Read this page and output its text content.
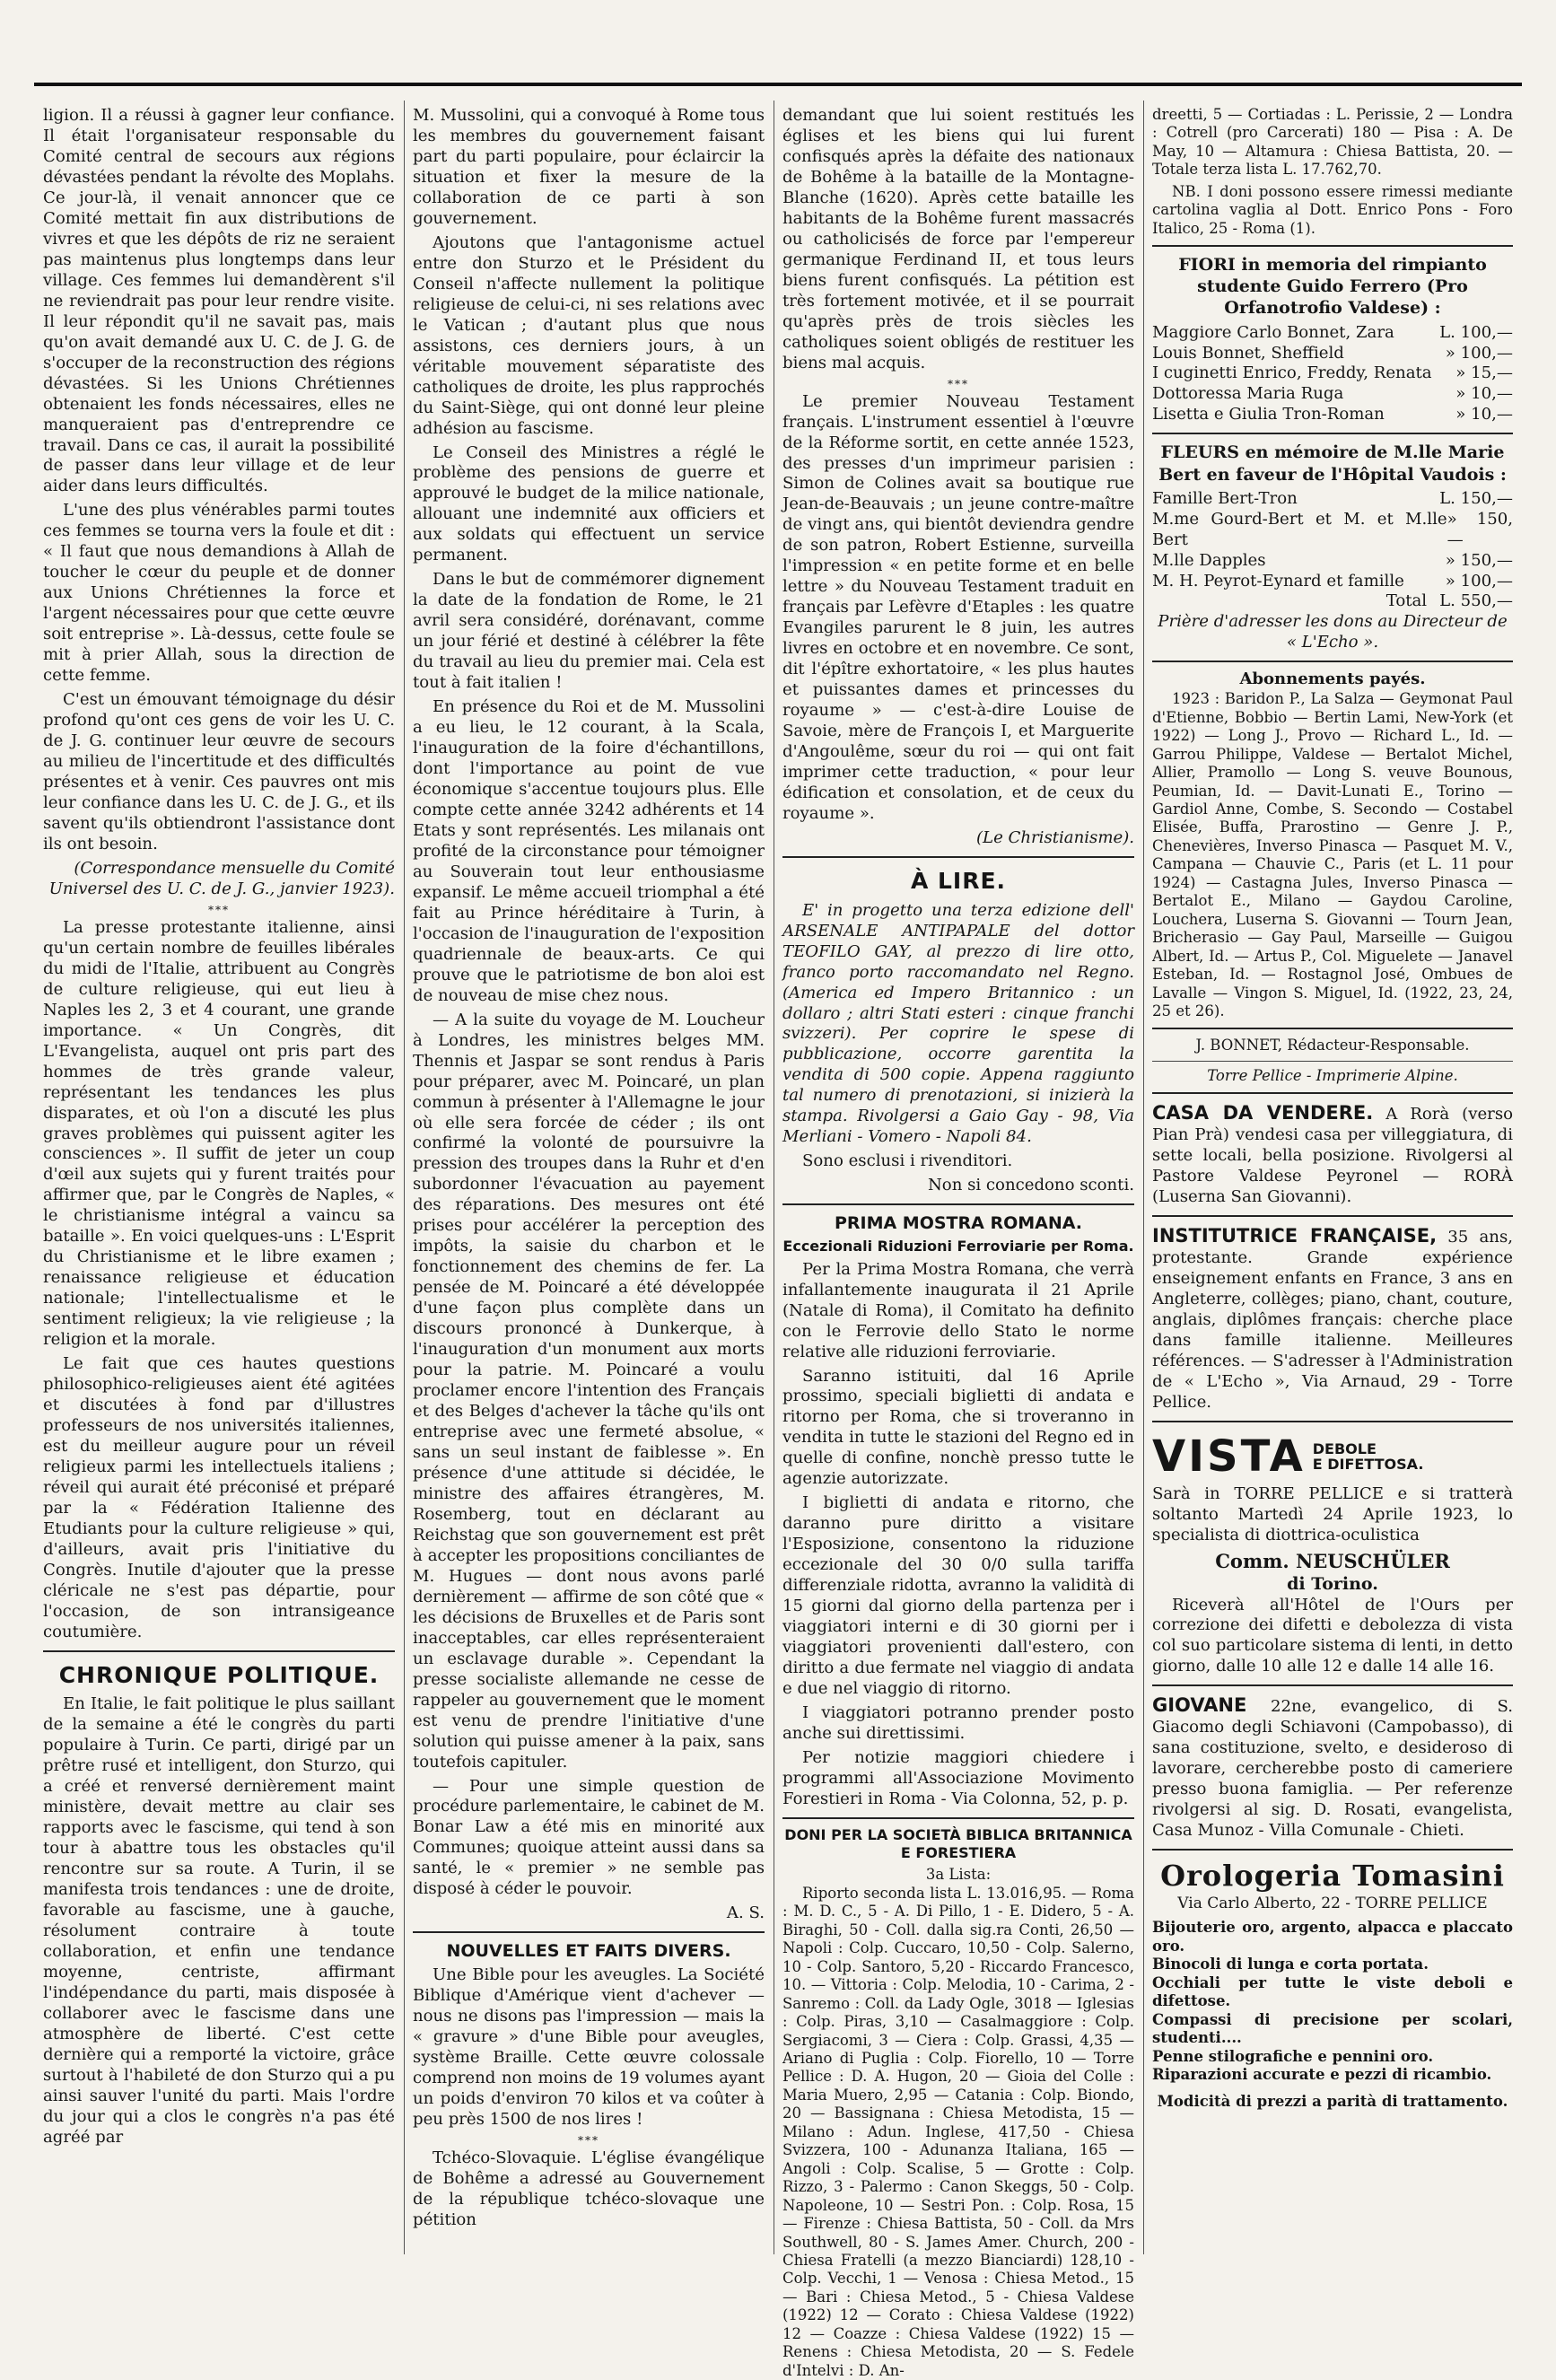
ligion. Il a réussi à gagner leur confiance. Il était l'organisateur responsable du Comité central de secours aux régions dévastées pendant la révolte des Moplahs. Ce jour-là, il venait annoncer que ce Comité mettait fin aux distributions de vivres et que les dépôts de riz ne seraient pas maintenus plus longtemps dans leur village. Ces femmes lui demandèrent s'il ne reviendrait pas pour leur rendre visite. Il leur répondit qu'il ne savait pas, mais qu'on avait demandé aux U. C. de J. G. de s'occuper de la reconstruction des régions dévastées. Si les Unions Chrétiennes obtenaient les fonds nécessaires, elles ne manqueraient pas d'entreprendre ce travail. Dans ce cas, il aurait la possibilité de passer dans leur village et de leur aider dans leurs difficultés.

L'une des plus vénérables parmi toutes ces femmes se tourna vers la foule et dit : « Il faut que nous demandions à Allah de toucher le cœur du peuple et de donner aux Unions Chrétiennes la force et l'argent nécessaires pour que cette œuvre soit entreprise ». Là-dessus, cette foule se mit à prier Allah, sous la direction de cette femme.

C'est un émouvant témoignage du désir profond qu'ont ces gens de voir les U. C. de J. G. continuer leur œuvre de secours au milieu de l'incertitude et des difficultés présentes et à venir. Ces pauvres ont mis leur confiance dans les U. C. de J. G., et ils savent qu'ils obtiendront l'assistance dont ils ont besoin.

(Correspondance mensuelle du Comité Universel des U. C. de J. G., janvier 1923).

***

La presse protestante italienne, ainsi qu'un certain nombre de feuilles libérales du midi de l'Italie, attribuent au Congrès de culture religieuse, qui eut lieu à Naples les 2, 3 et 4 courant, une grande importance. « Un Congrès, dit L'Evangelista, auquel ont pris part des hommes de très grande valeur, représentant les tendances les plus disparates, et où l'on a discuté les plus graves problèmes qui puissent agiter les consciences ». Il suffit de jeter un coup d'œil aux sujets qui y furent traités pour affirmer que, par le Congrès de Naples, « le christianisme intégral a vaincu sa bataille ». En voici quelques-uns : L'Esprit du Christianisme et le libre examen ; renaissance religieuse et éducation nationale; l'intellectualisme et le sentiment religieux; la vie religieuse ; la religion et la morale.

Le fait que ces hautes questions philosophico-religieuses aient été agitées et discutées à fond par d'illustres professeurs de nos universités italiennes, est du meilleur augure pour un réveil religieux parmi les intellectuels italiens ; réveil qui aurait été préconisé et préparé par la « Fédération Italienne des Etudiants pour la culture religieuse » qui, d'ailleurs, avait pris l'initiative du Congrès. Inutile d'ajouter que la presse cléricale ne s'est pas départie, pour l'occasion, de son intransigeance coutumière.

CHRONIQUE POLITIQUE.

En Italie, le fait politique le plus saillant de la semaine a été le congrès du parti populaire à Turin. Ce parti, dirigé par un prêtre rusé et intelligent, don Sturzo, qui a créé et renversé dernièrement maint ministère, devait mettre au clair ses rapports avec le fascisme, qui tend à son tour à abattre tous les obstacles qu'il rencontre sur sa route. A Turin, il se manifesta trois tendances : une de droite, favorable au fascisme, une à gauche, résolument contraire à toute collaboration, et enfin une tendance moyenne, centriste, affirmant l'indépendance du parti, mais disposée à collaborer avec le fascisme dans une atmosphère de liberté. C'est cette dernière qui a remporté la victoire, grâce surtout à l'habileté de don Sturzo qui a pu ainsi sauver l'unité du parti. Mais l'ordre du jour qui a clos le congrès n'a pas été agréé par

M. Mussolini, qui a convoqué à Rome tous les membres du gouvernement faisant part du parti populaire, pour éclaircir la situation et fixer la mesure de la collaboration de ce parti à son gouvernement.

Ajoutons que l'antagonisme actuel entre don Sturzo et le Président du Conseil n'affecte nullement la politique religieuse de celui-ci, ni ses relations avec le Vatican ; d'autant plus que nous assistons, ces derniers jours, à un véritable mouvement séparatiste des catholiques de droite, les plus rapprochés du Saint-Siège, qui ont donné leur pleine adhésion au fascisme.

Le Conseil des Ministres a réglé le problème des pensions de guerre et approuvé le budget de la milice nationale, allouant une indemnité aux officiers et aux soldats qui effectuent un service permanent.

Dans le but de commémorer dignement la date de la fondation de Rome, le 21 avril sera considéré, dorénavant, comme un jour férié et destiné à célébrer la fête du travail au lieu du premier mai. Cela est tout à fait italien !

En présence du Roi et de M. Mussolini a eu lieu, le 12 courant, à la Scala, l'inauguration de la foire d'échantillons, dont l'importance au point de vue économique s'accentue toujours plus. Elle compte cette année 3242 adhérents et 14 Etats y sont représentés. Les milanais ont profité de la circonstance pour témoigner au Souverain tout leur enthousiasme expansif. Le même accueil triomphal a été fait au Prince héréditaire à Turin, à l'occasion de l'inauguration de l'exposition quadriennale de beaux-arts. Ce qui prouve que le patriotisme de bon aloi est de nouveau de mise chez nous.

— A la suite du voyage de M. Loucheur à Londres, les ministres belges MM. Thennis et Jaspar se sont rendus à Paris pour préparer, avec M. Poincaré, un plan commun à présenter à l'Allemagne le jour où elle sera forcée de céder ; ils ont confirmé la volonté de poursuivre la pression des troupes dans la Ruhr et d'en subordonner l'évacuation au payement des réparations. Des mesures ont été prises pour accélérer la perception des impôts, la saisie du charbon et le fonctionnement des chemins de fer. La pensée de M. Poincaré a été développée d'une façon plus complète dans un discours prononcé à Dunkerque, à l'inauguration d'un monument aux morts pour la patrie. M. Poincaré a voulu proclamer encore l'intention des Français et des Belges d'achever la tâche qu'ils ont entreprise avec une fermeté absolue, « sans un seul instant de faiblesse ». En présence d'une attitude si décidée, le ministre des affaires étrangères, M. Rosemberg, tout en déclarant au Reichstag que son gouvernement est prêt à accepter les propositions conciliantes de M. Hugues — dont nous avons parlé dernièrement — affirme de son côté que « les décisions de Bruxelles et de Paris sont inacceptables, car elles représenteraient un esclavage durable ». Cependant la presse socialiste allemande ne cesse de rappeler au gouvernement que le moment est venu de prendre l'initiative d'une solution qui puisse amener à la paix, sans toutefois capituler.

— Pour une simple question de procédure parlementaire, le cabinet de M. Bonar Law a été mis en minorité aux Communes; quoique atteint aussi dans sa santé, le « premier » ne semble pas disposé à céder le pouvoir.

A. S.

NOUVELLES ET FAITS DIVERS.

Une Bible pour les aveugles. La Société Biblique d'Amérique vient d'achever — nous ne disons pas l'impression — mais la « gravure » d'une Bible pour aveugles, système Braille. Cette œuvre colossale comprend non moins de 19 volumes ayant un poids d'environ 70 kilos et va coûter à peu près 1500 de nos lires !

***

Tchéco-Slovaquie. L'église évangélique de Bohême a adressé au Gouvernement de la république tchéco-slovaque une pétition

demandant que lui soient restitués les églises et les biens qui lui furent confisqués après la défaite des nationaux de Bohême à la bataille de la Montagne-Blanche (1620). Après cette bataille les habitants de la Bohême furent massacrés ou catholicisés de force par l'empereur germanique Ferdinand II, et tous leurs biens furent confisqués. La pétition est très fortement motivée, et il se pourrait qu'après près de trois siècles les catholiques soient obligés de restituer les biens mal acquis.

***

Le premier Nouveau Testament français. L'instrument essentiel à l'œuvre de la Réforme sortit, en cette année 1523, des presses d'un imprimeur parisien : Simon de Colines avait sa boutique rue Jean-de-Beauvais ; un jeune contre-maître de vingt ans, qui bientôt deviendra gendre de son patron, Robert Estienne, surveilla l'impression « en petite forme et en belle lettre » du Nouveau Testament traduit en français par Lefèvre d'Etaples : les quatre Evangiles parurent le 8 juin, les autres livres en octobre et en novembre. Ce sont, dit l'épître exhortatoire, « les plus hautes et puissantes dames et princesses du royaume » — c'est-à-dire Louise de Savoie, mère de François I, et Marguerite d'Angoulême, sœur du roi — qui ont fait imprimer cette traduction, « pour leur édification et consolation, et de ceux du royaume ».

(Le Christianisme).

À LIRE.

E' in progetto una terza edizione dell' ARSENALE ANTIPAPALE del dottor TEOFILO GAY, al prezzo di lire otto, franco porto raccomandato nel Regno. (America ed Impero Britannico : un dollaro ; altri Stati esteri : cinque franchi svizzeri). Per coprire le spese di pubblicazione, occorre garentita la vendita di 500 copie. Appena raggiunto tal numero di prenotazioni, si inizierà la stampa. Rivolgersi a Gaio Gay - 98, Via Merliani - Vomero - Napoli 84.

Sono esclusi i rivenditori.

Non si concedono sconti.

PRIMA MOSTRA ROMANA.
Eccezionali Riduzioni Ferroviarie per Roma.

Per la Prima Mostra Romana, che verrà infallantemente inaugurata il 21 Aprile (Natale di Roma), il Comitato ha definito con le Ferrovie dello Stato le norme relative alle riduzioni ferroviarie.

Saranno istituiti, dal 16 Aprile prossimo, speciali biglietti di andata e ritorno per Roma, che si troveranno in vendita in tutte le stazioni del Regno ed in quelle di confine, nonchè presso tutte le agenzie autorizzate.

I biglietti di andata e ritorno, che daranno pure diritto a visitare l'Esposizione, consentono la riduzione eccezionale del 30 0/0 sulla tariffa differenziale ridotta, avranno la validità di 15 giorni dal giorno della partenza per i viaggiatori interni e di 30 giorni per i viaggiatori provenienti dall'estero, con diritto a due fermate nel viaggio di andata e due nel viaggio di ritorno.

I viaggiatori potranno prender posto anche sui direttissimi.

Per notizie maggiori chiedere i programmi all'Associazione Movimento Forestieri in Roma - Via Colonna, 52, p. p.

DONI PER LA SOCIETÀ BIBLICA BRITANNICA E FORESTIERA
3a Lista:

Riporto seconda lista L. 13.016,95. — Roma : M. D. C., 5 - A. Di Pillo, 1 - E. Didero, 5 - A. Biraghi, 50 - Coll. dalla sig.ra Conti, 26,50 — Napoli : Colp. Cuccaro, 10,50 - Colp. Salerno, 10 - Colp. Santoro, 5,20 - Riccardo Francesco, 10. — Vittoria : Colp. Melodia, 10 - Carima, 2 - Sanremo : Coll. da Lady Ogle, 3018 — Iglesias : Colp. Piras, 3,10 — Casalmaggiore : Colp. Sergiacomi, 3 — Ciera : Colp. Grassi, 4,35 — Ariano di Puglia : Colp. Fiorello, 10 — Torre Pellice : D. A. Hugon, 20 — Gioia del Colle : Maria Muero, 2,95 — Catania : Colp. Biondo, 20 — Bassignana : Chiesa Metodista, 15 — Milano : Adun. Inglese, 417,50 - Chiesa Svizzera, 100 - Adunanza Italiana, 165 — Angoli : Colp. Scalise, 5 — Grotte : Colp. Rizzo, 3 - Palermo : Canon Skeggs, 50 - Colp. Napoleone, 10 — Sestri Pon. : Colp. Rosa, 15 — Firenze : Chiesa Battista, 50 - Coll. da Mrs Southwell, 80 - S. James Amer. Church, 200 - Chiesa Fratelli (a mezzo Bianciardi) 128,10 - Colp. Vecchi, 1 — Venosa : Chiesa Metod., 15 — Bari : Chiesa Metod., 5 - Chiesa Valdese (1922) 12 — Corato : Chiesa Valdese (1922) 12 — Coazze : Chiesa Valdese (1922) 15 — Renens : Chiesa Metodista, 20 — S. Fedele d'Intelvi : D. An-

dreetti, 5 — Cortiadas : L. Perissie, 2 — Londra : Cotrell (pro Carcerati) 180 — Pisa : A. De May, 10 — Altamura : Chiesa Battista, 20. — Totale terza lista L. 17.762,70.

NB. I doni possono essere rimessi mediante cartolina vaglia al Dott. Enrico Pons - Foro Italico, 25 - Roma (1).

FIORI in memoria del rimpianto studente Guido Ferrero (Pro Orfanotrofio Valdese) :
Maggiore Carlo Bonnet, Zara	L. 100,—
Louis Bonnet, Sheffield	» 100,—
I cuginetti Enrico, Freddy, Renata » 15,—
Dottoressa Maria Ruga	» 10,—
Lisetta e Giulia Tron-Roman	» 10,—
FLEURS en mémoire de M.lle Marie Bert en faveur de l'Hôpital Vaudois :
Famille Bert-Tron	L. 150,—
M.me Gourd-Bert et M. et M.lle Bert
» 150,—
M.lle Dapples	» 150,—
M. H. Peyrot-Eynard et famille	» 100,—
Total L. 550,—

Prière d'adresser les dons au Directeur de « L'Echo ».

Abonnements payés.

1923 : Baridon P., La Salza — Geymonat Paul d'Etienne, Bobbio — Bertin Lami, New-York (et 1922) — Long J., Provo — Richard L., Id. — Garrou Philippe, Valdese — Bertalot Michel, Allier, Pramollo — Long S. veuve Bounous, Peumian, Id. — Davit-Lunati E., Torino — Gardiol Anne, Combe, S. Secondo — Costabel Elisée, Buffa, Prarostino — Genre J. P., Chenevières, Inverso Pinasca — Pasquet M. V., Campana — Chauvie C., Paris (et L. 11 pour 1924) — Castagna Jules, Inverso Pinasca — Bertalot E., Milano — Gaydou Caroline, Louchera, Luserna S. Giovanni — Tourn Jean, Bricherasio — Gay Paul, Marseille — Guigou Albert, Id. — Artus P., Col. Miguelete — Janavel Esteban, Id. — Rostagnol José, Ombues de Lavalle — Vingon S. Miguel, Id. (1922, 23, 24, 25 et 26).

J. BONNET, Rédacteur-Responsable.
Torre Pellice - Imprimerie Alpine.

CASA DA VENDERE. A Rorà (verso Pian Prà) vendesi casa per villeggiatura, di sette locali, bella posizione. Rivolgersi al Pastore Valdese Peyronel — RORÀ (Luserna San Giovanni).

INSTITUTRICE FRANÇAISE, 35 ans, protestante. Grande expérience enseignement enfants en France, 3 ans en Angleterre, collèges; piano, chant, couture, anglais, diplômes français: cherche place dans famille italienne. Meilleures références. — S'adresser à l'Administration de « L'Echo », Via Arnaud, 29 - Torre Pellice.

VISTA DEBOLE
E DIFETTOSA.

Sarà in TORRE PELLICE e si tratterà soltanto Martedì 24 Aprile 1923, lo specialista di diottrica-oculistica

Comm. NEUSCHÜLER
di Torino.

Riceverà all'Hôtel de l'Ours per correzione dei difetti e debolezza di vista col suo particolare sistema di lenti, in detto giorno, dalle 10 alle 12 e dalle 14 alle 16.

GIOVANE 22ne, evangelico, di S. Giacomo degli Schiavoni (Campobasso), di sana costituzione, svelto, e desideroso di lavorare, cercherebbe posto di cameriere presso buona famiglia. — Per referenze rivolgersi al sig. D. Rosati, evangelista, Casa Munoz - Villa Comunale - Chieti.

Orologeria Tomasini
Via Carlo Alberto, 22 - TORRE PELLICE
Bijouterie oro, argento, alpacca e placcato oro.
Binocoli di lunga e corta portata.
Occhiali per tutte le viste deboli e difettose.
Compassi di precisione per scolari, studenti....
Penne stilografiche e pennini oro.
Riparazioni accurate e pezzi di ricambio.
Modicità di prezzi a parità di trattamento.
